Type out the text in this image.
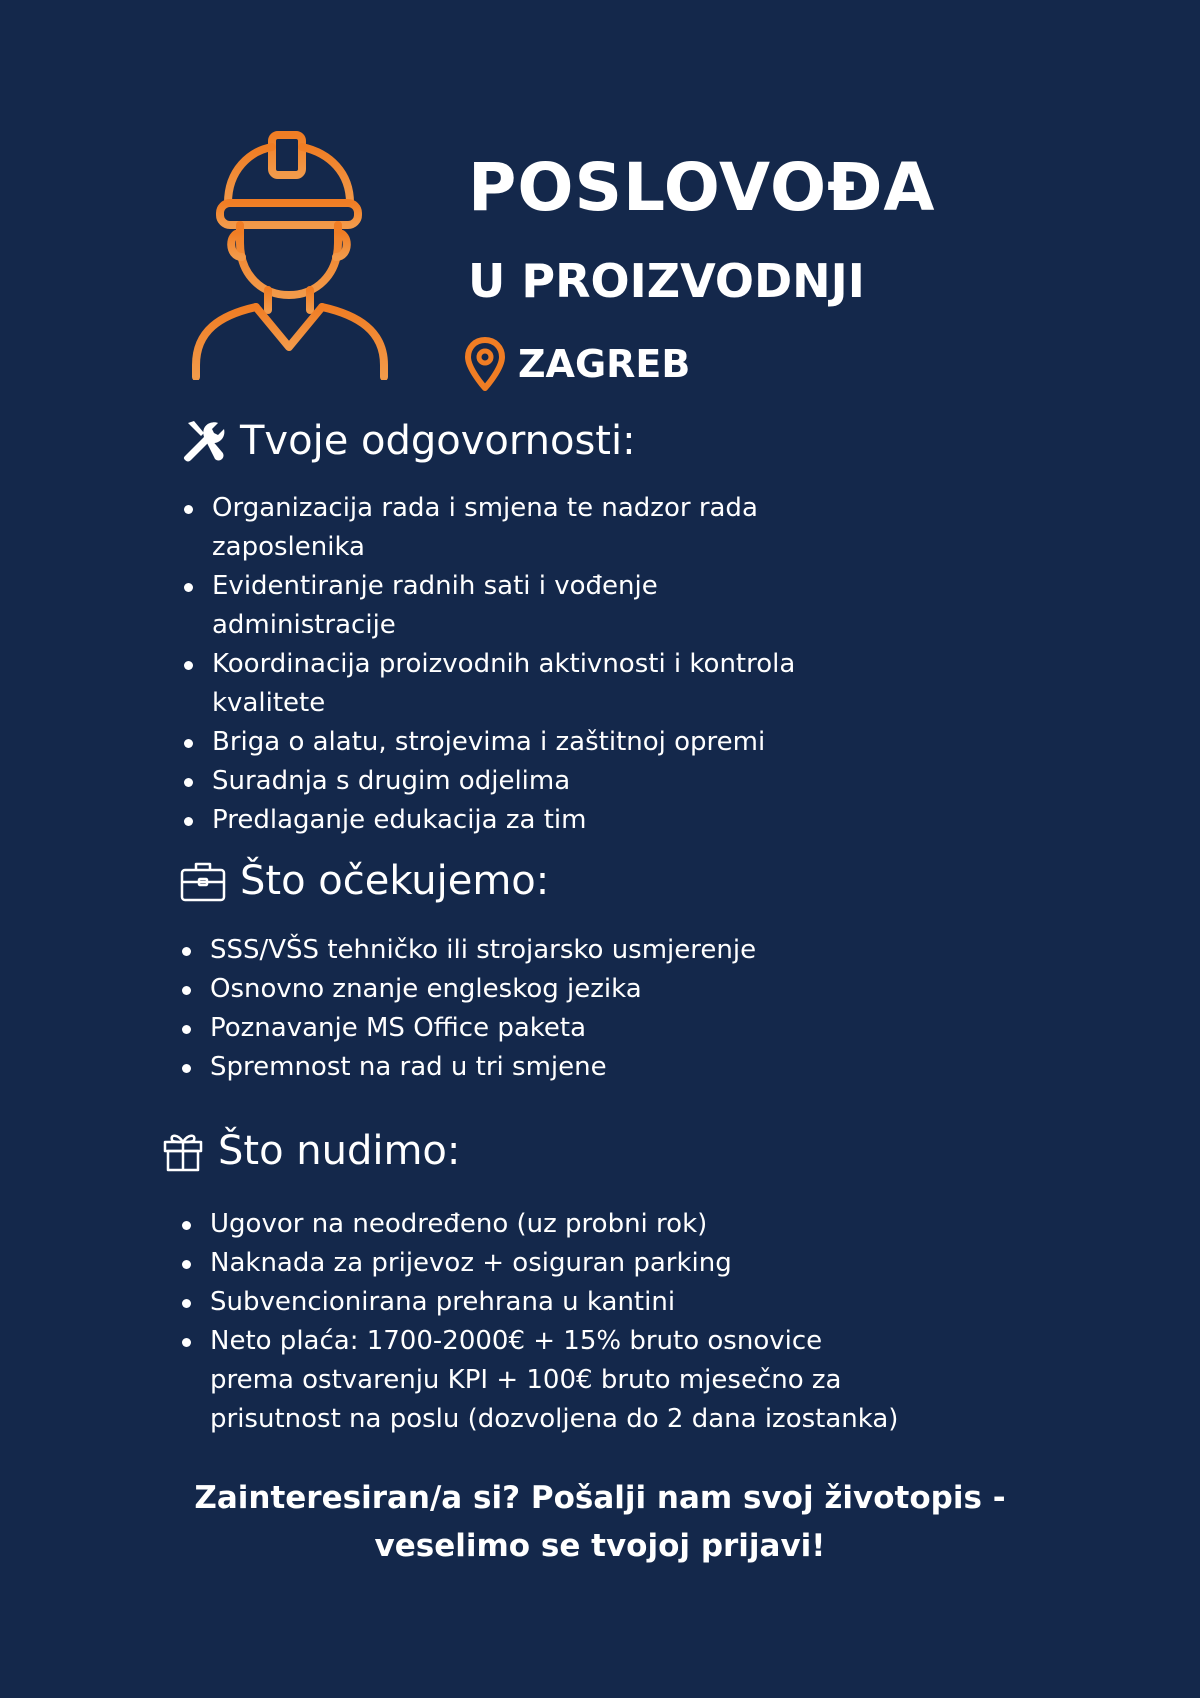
POSLOVOĐA
U PROIZVODNJI
ZAGREB
Tvoje odgovornosti:
Organizacija rada i smjena te nadzor rada zaposlenika
Evidentiranje radnih sati i vođenje administracije
Koordinacija proizvodnih aktivnosti i kontrola kvalitete
Briga o alatu, strojevima i zaštitnoj opremi
Suradnja s drugim odjelima
Predlaganje edukacija za tim
Što očekujemo:
SSS/VŠS tehničko ili strojarsko usmjerenje
Osnovno znanje engleskog jezika
Poznavanje MS Office paketa
Spremnost na rad u tri smjene
Što nudimo:
Ugovor na neodređeno (uz probni rok)
Naknada za prijevoz + osiguran parking
Subvencionirana prehrana u kantini
Neto plaća: 1700-2000€ + 15% bruto osnovice prema ostvarenju KPI + 100€ bruto mjesečno za prisutnost na poslu (dozvoljena do 2 dana izostanka)
Zainteresiran/a si? Pošalji nam svoj životopis -
veselimo se tvojoj prijavi!
